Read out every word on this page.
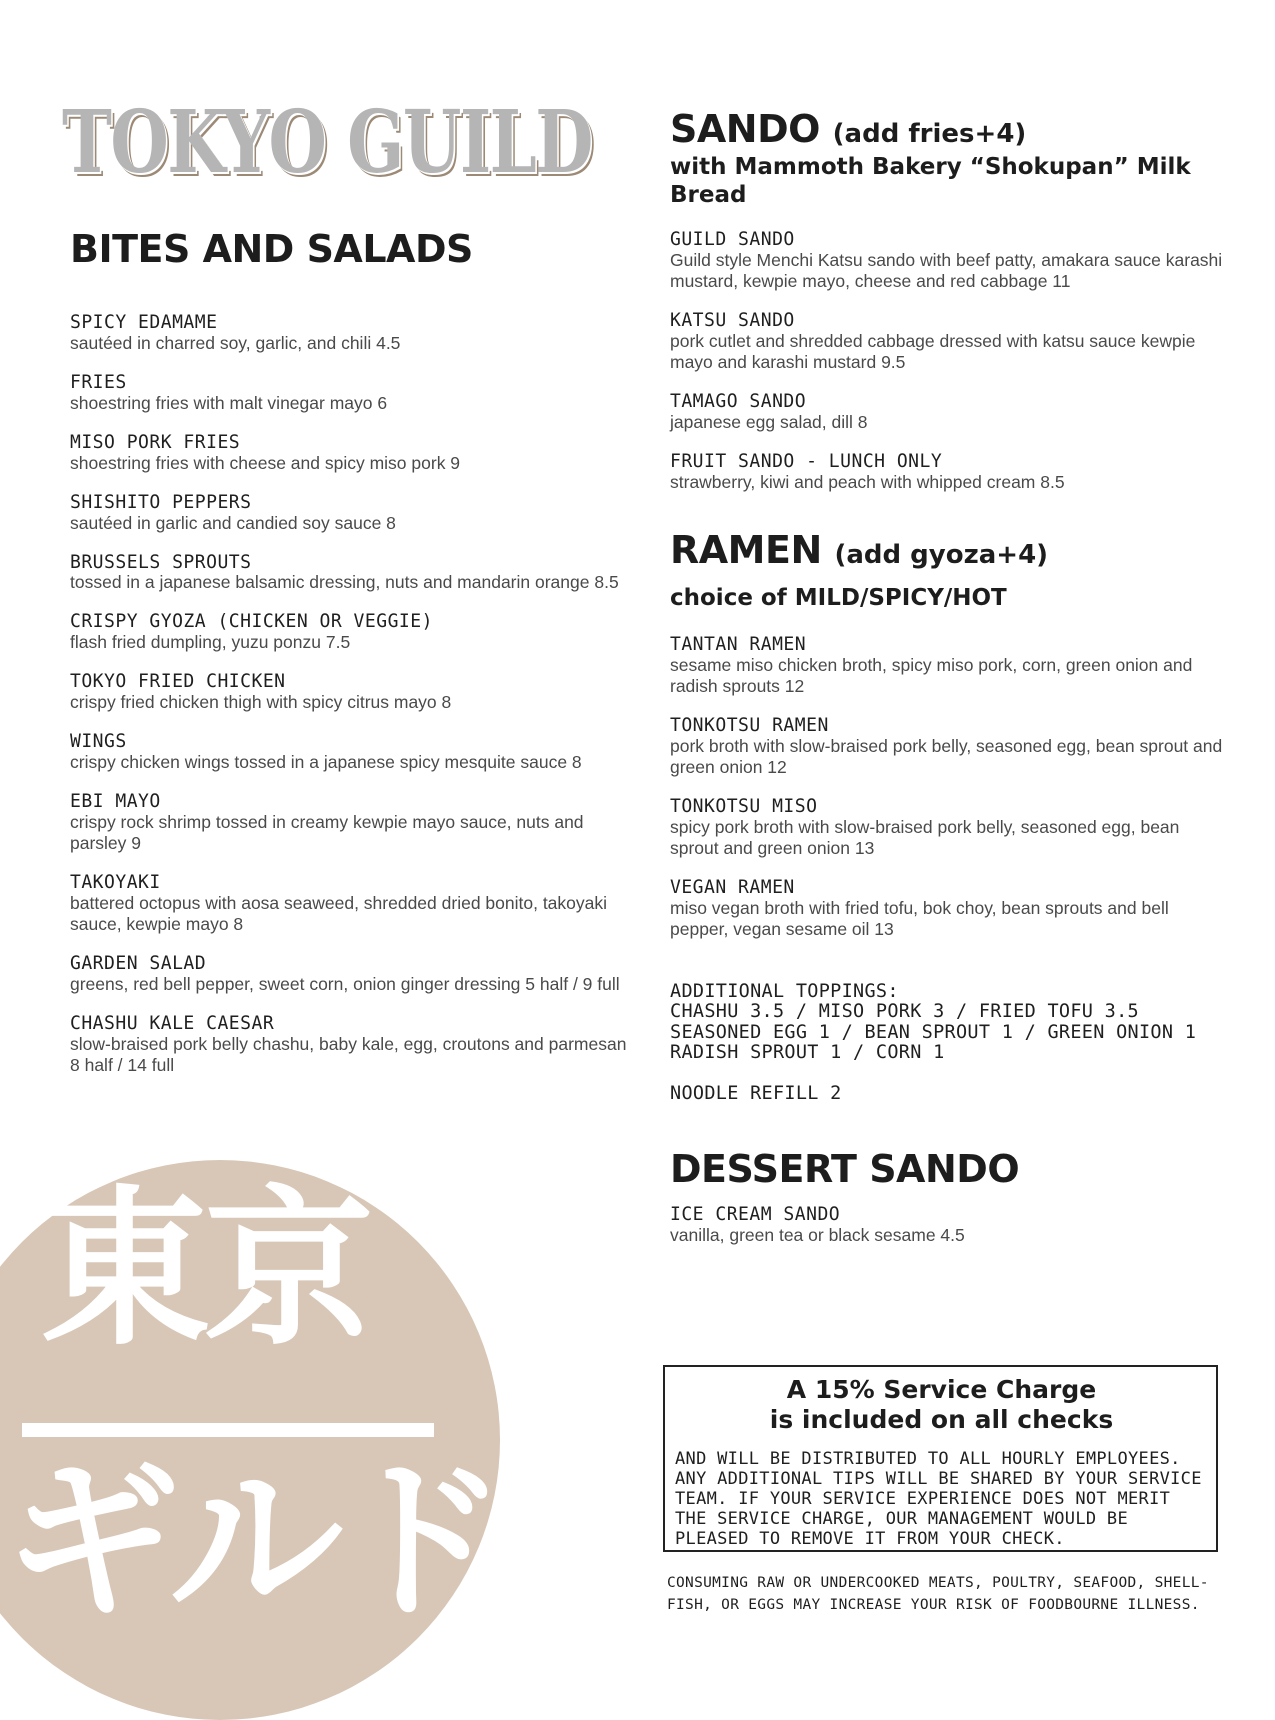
TOKYO GUILD
東京
ギルド
BITES AND SALADS
SPICY EDAMAME
sautéed in charred soy, garlic, and chili 4.5
FRIES
shoestring fries with malt vinegar mayo 6
MISO PORK FRIES
shoestring fries with cheese and spicy miso pork 9
SHISHITO PEPPERS
sautéed in garlic and candied soy sauce 8
BRUSSELS SPROUTS
tossed in a japanese balsamic dressing, nuts and mandarin orange 8.5
CRISPY GYOZA (CHICKEN OR VEGGIE)
flash fried dumpling, yuzu ponzu 7.5
TOKYO FRIED CHICKEN
crispy fried chicken thigh with spicy citrus mayo 8
WINGS
crispy chicken wings tossed in a japanese spicy mesquite sauce 8
EBI MAYO
crispy rock shrimp tossed in creamy kewpie mayo sauce, nuts and parsley 9
TAKOYAKI
battered octopus with aosa seaweed, shredded dried bonito, takoyaki sauce, kewpie mayo 8
GARDEN SALAD
greens, red bell pepper, sweet corn, onion ginger dressing 5 half / 9 full
CHASHU KALE CAESAR
slow-braised pork belly chashu, baby kale, egg, croutons and parmesan 8 half / 14 full
SANDO (add fries+4)
with Mammoth Bakery “Shokupan” Milk Bread
GUILD SANDO
Guild style Menchi Katsu sando with beef patty, amakara sauce karashi mustard, kewpie mayo, cheese and red cabbage 11
KATSU SANDO
pork cutlet and shredded cabbage dressed with katsu sauce kewpie mayo and karashi mustard 9.5
TAMAGO SANDO
japanese egg salad, dill 8
FRUIT SANDO - LUNCH ONLY
strawberry, kiwi and peach with whipped cream 8.5
RAMEN (add gyoza+4)
choice of MILD/SPICY/HOT
TANTAN RAMEN
sesame miso chicken broth, spicy miso pork, corn, green onion and radish sprouts 12
TONKOTSU RAMEN
pork broth with slow-braised pork belly, seasoned egg, bean sprout and green onion 12
TONKOTSU MISO
spicy pork broth with slow-braised pork belly, seasoned egg, bean sprout and green onion 13
VEGAN RAMEN
miso vegan broth with fried tofu, bok choy, bean sprouts and bell pepper, vegan sesame oil 13
ADDITIONAL TOPPINGS:
CHASHU 3.5 / MISO PORK 3 / FRIED TOFU 3.5
SEASONED EGG 1 / BEAN SPROUT 1 / GREEN ONION 1
RADISH SPROUT 1 / CORN 1
NOODLE REFILL 2
DESSERT SANDO
ICE CREAM SANDO
vanilla, green tea or black sesame 4.5
A 15% Service Charge
is included on all checks
AND WILL BE DISTRIBUTED TO ALL HOURLY EMPLOYEES. ANY ADDITIONAL TIPS WILL BE SHARED BY YOUR SERVICE TEAM. IF YOUR SERVICE EXPERIENCE DOES NOT MERIT THE SERVICE CHARGE, OUR MANAGEMENT WOULD BE PLEASED TO REMOVE IT FROM YOUR CHECK.
CONSUMING RAW OR UNDERCOOKED MEATS, POULTRY, SEAFOOD, SHELL-FISH, OR EGGS MAY INCREASE YOUR RISK OF FOODBOURNE ILLNESS.
